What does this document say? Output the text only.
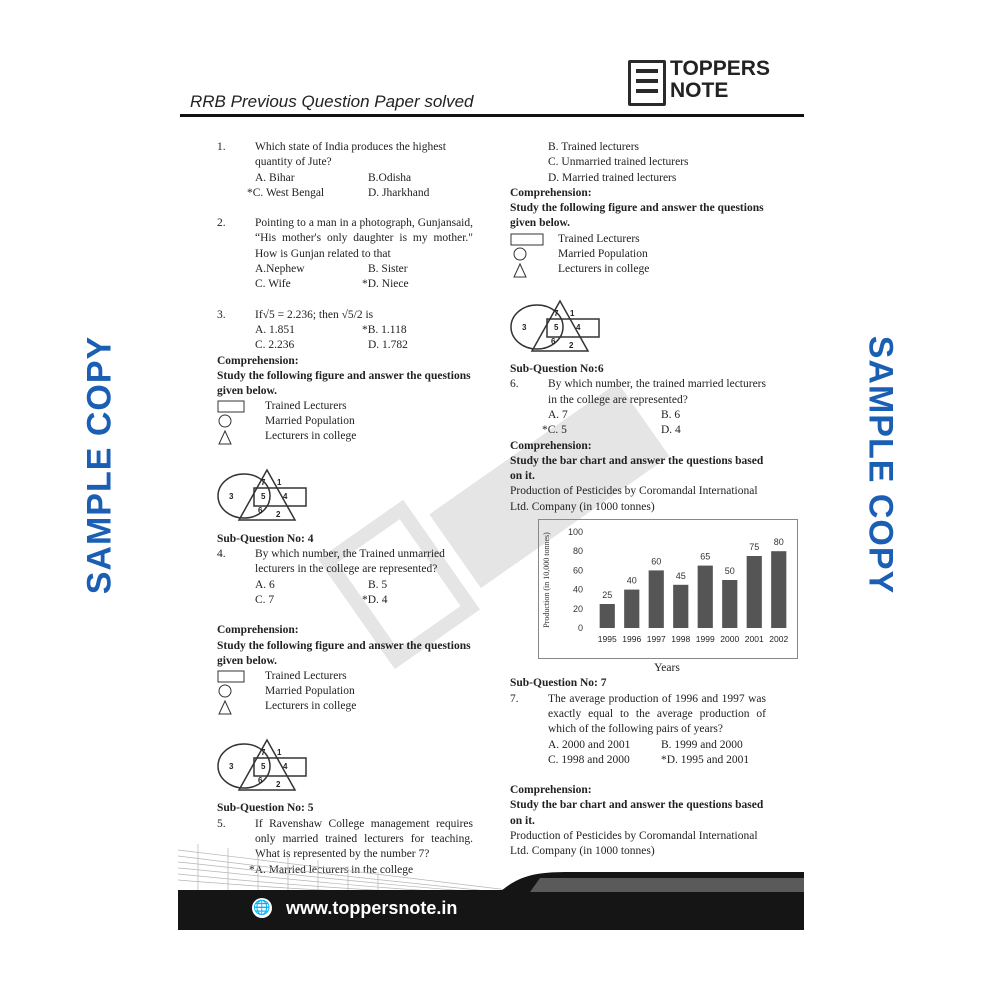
SAMPLE COPY	SAMPLE COPY
TOPPERS
NOTE
RRB Previous Question Paper solved
1.	Which state of India produces the highest quantity of Jute?

A. Bihar	B.Odisha
*C. West Bengal	D. Jharkhand
2.	Pointing to a man in a photograph, Gunjansaid, “His mother's only daughter is my mother." How is Gunjan related to that

A.Nephew	B. Sister
C. Wife	*D. Niece
3.	If√5 = 2.236; then √5/2 is

A. 1.851	*B. 1.118
C. 2.236	D. 1.782

Comprehension:

Study the following figure and answer the questions given below.

Trained Lecturers
Married Population
Lecturers in college
3
7 1
5 4
6 2

Sub-Question No: 4

4.	By which number, the Trained unmarried lecturers in the college are represented?

A. 6	B. 5
C. 7	*D. 4

Comprehension:

Study the following figure and answer the questions given below.

Trained Lecturers
Married Population
Lecturers in college
3
7 1
5 4
6 2

Sub-Question No: 5

5.	If Ravenshaw College management requires only married trained lecturers for teaching. What is represented by the number 7?

*A. Married lecturers in the college

B. Trained lecturers

C. Unmarried trained lecturers

D. Married trained lecturers

Comprehension:

Study the following figure and answer the questions given below.

Trained Lecturers
Married Population
Lecturers in college
3
7 1
5 4
6 2

Sub-Question No:6

6.	By which number, the trained married lecturers in the college are represented?

A. 7	B. 6
*C. 5	D. 4

Comprehension:

Study the bar chart and answer the questions based on it.

Production of Pesticides by Coromandal International Ltd. Company (in 1000 tonnes)

Production (in 10,000 tonnes)
0
20
40
60
80
100
25
1995
40
1996
60
1997
45
1998
65
1999
50
2000
75
2001
80
2002

Years

Sub-Question No: 7

7.	The average production of 1996 and 1997 was exactly equal to the average production of which of the following pairs of years?

A. 2000 and 2001	B. 1999 and 2000
C. 1998 and 2000	*D. 1995 and 2001

Comprehension:

Study the bar chart and answer the questions based on it.

Production of Pesticides by Coromandal International Ltd. Company (in 1000 tonnes)

🌐 www.toppersnote.in
